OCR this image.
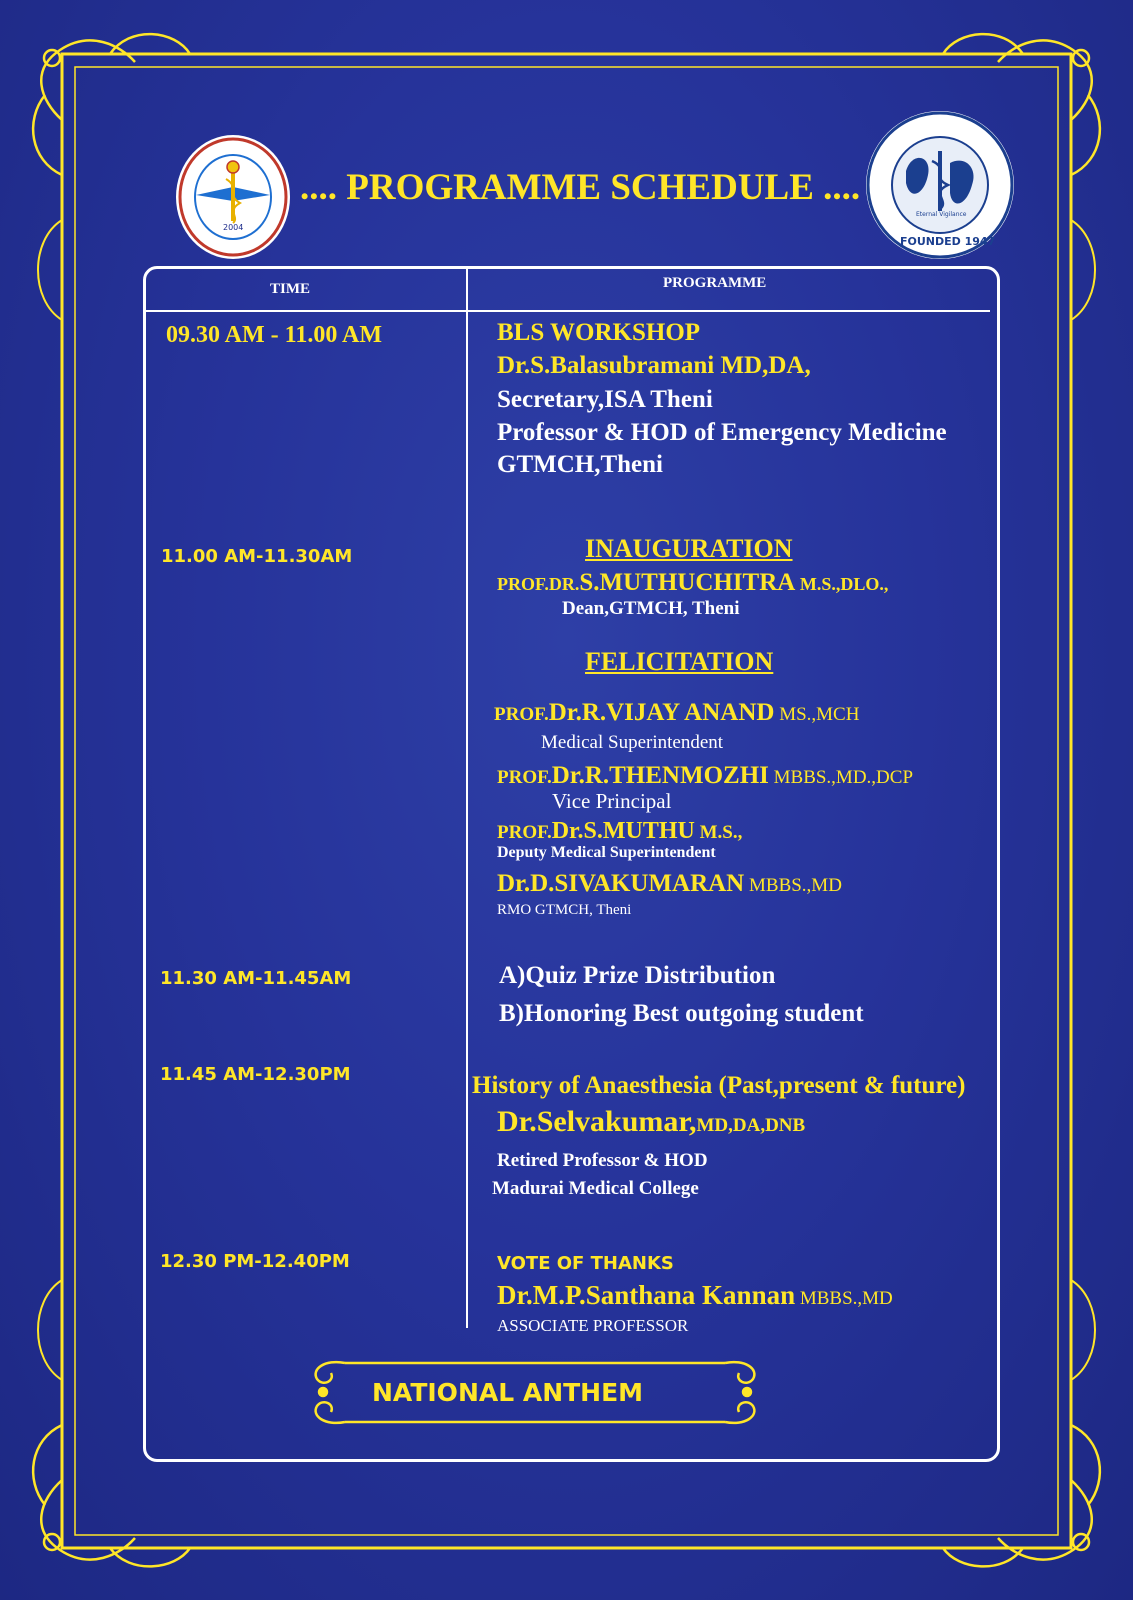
2004
Eternal Vigilance
FOUNDED 1947
.... PROGRAMME SCHEDULE ....
TIME	PROGRAMME
09.30 AM - 11.00 AM	BLS WORKSHOP
Dr.S.Balasubramani MD,DA,
Secretary,ISA Theni
Professor & HOD of Emergency Medicine
GTMCH,Theni
11.00 AM-11.30AM	INAUGURATION
PROF.DR.S.MUTHUCHITRA M.S.,DLO.,
Dean,GTMCH, Theni
FELICITATION
PROF.Dr.R.VIJAY ANAND MS.,MCH
Medical Superintendent
PROF.Dr.R.THENMOZHI MBBS.,MD.,DCP
Vice Principal
PROF.Dr.S.MUTHU M.S.,
Deputy Medical Superintendent
Dr.D.SIVAKUMARAN MBBS.,MD
RMO GTMCH, Theni
11.30 AM-11.45AM	A)Quiz Prize Distribution
B)Honoring Best outgoing student
11.45 AM-12.30PM	History of Anaesthesia (Past,present & future)
Dr.Selvakumar,MD,DA,DNB
Retired Professor & HOD
Madurai Medical College
12.30 PM-12.40PM	VOTE OF THANKS
Dr.M.P.Santhana Kannan MBBS.,MD
ASSOCIATE PROFESSOR
NATIONAL ANTHEM
